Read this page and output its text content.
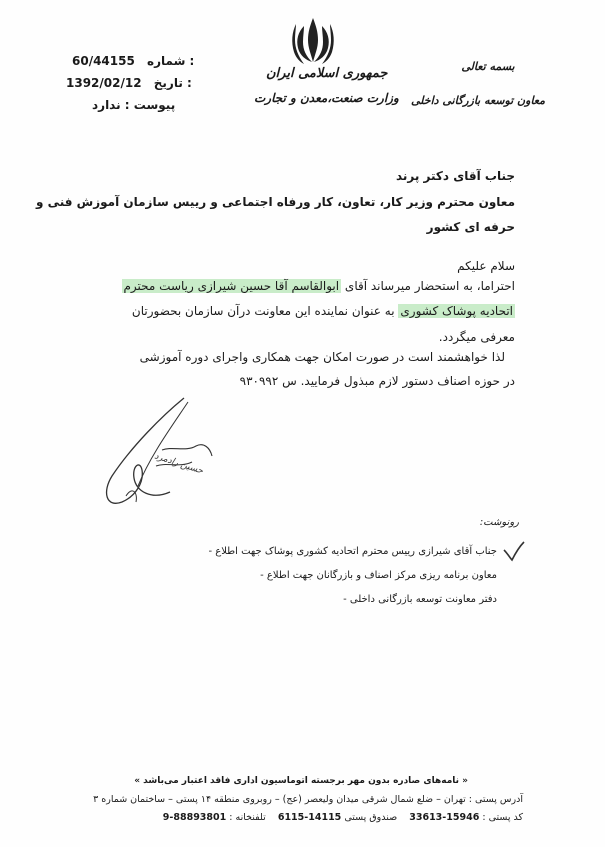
جمهوری اسلامی ایران
وزارت صنعت،معدن و تجارت
بسمه تعالی
معاون توسعه بازرگانی داخلی
60/44155 شماره :
1392/02/12 تاریخ :
پیوست : ندارد
جناب آقای دکتر پرند
معاون محترم وزیر کار، تعاون، کار ورفاه اجتماعی و رییس سازمان آموزش فنی و
حرفه ای کشور
سلام علیکم
احتراما، به استحضار میرساند آقای ابوالقاسم آقا حسین شیرازی ریاست محترم
اتحادیه پوشاک کشوری به عنوان نماینده این معاونت درآن سازمان بحضورتان
معرفی میگردد.
لذا خواهشمند است در صورت امکان جهت همکاری واجرای دوره آموزشی
در حوزه اصناف دستور لازم مبذول فرمایید. س ۹۳۰۹۹۲
حسین رادمرد
رونوشت:
جناب آقای شیرازی رییس محترم اتحادیه کشوری پوشاک جهت اطلاع -
معاون برنامه ریزی مرکز اصناف و بازرگانان جهت اطلاع -
دفتر معاونت توسعه بازرگانی داخلی -
« نامه‌های صادره بدون مهر برجسته اتوماسیون اداری فاقد اعتبار می‌باشد »
آدرس پستی : تهران – ضلع شمال شرقی میدان ولیعصر (عج) – روبروی منطقه ۱۴ پستی – ساختمان شماره ۳
کد پستی : 15946-33613    صندوق پستی 14115-6115    تلفنخانه : 88893801-9
